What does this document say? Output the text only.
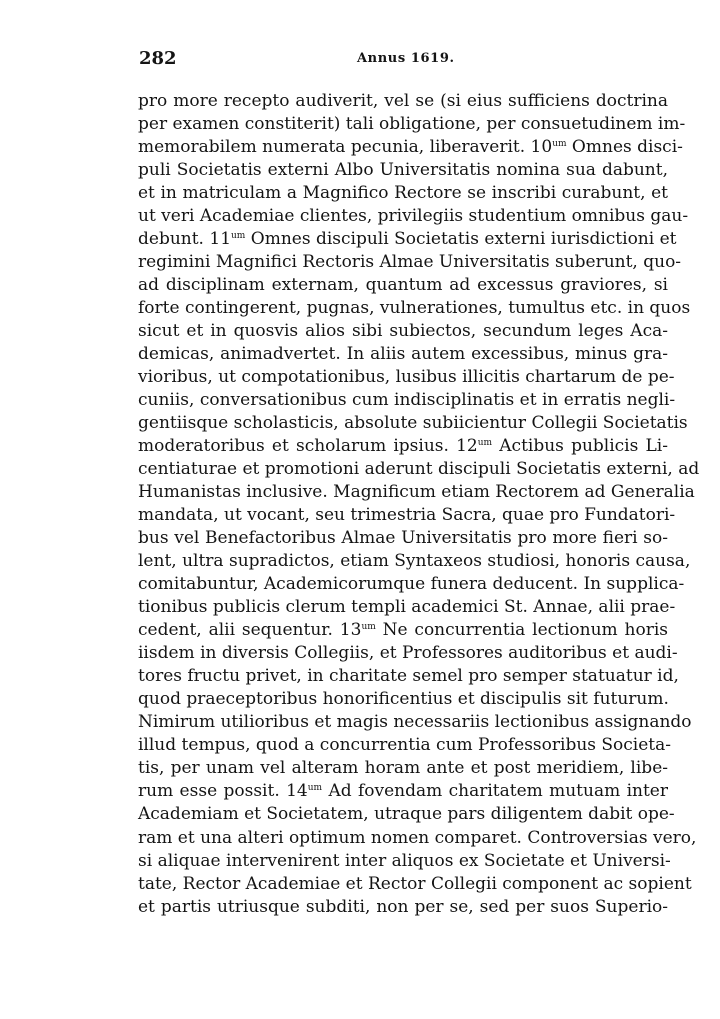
282	Annus 1619.
pro more recepto audiverit, vel se (si eius sufficiens doctrina
per examen constiterit) tali obligatione, per consuetudinem im-
memorabilem numerata pecunia, liberaverit. $10^{um}$ Omnes disci-
puli Societatis externi Albo Universitatis nomina sua dabunt,
et in matriculam a Magnifico Rectore se inscribi curabunt, et
ut veri Academiae clientes, privilegiis studentium omnibus gau-
debunt. $11^{um}$ Omnes discipuli Societatis externi iurisdictioni et
regimini Magnifici Rectoris Almae Universitatis suberunt, quo-
ad disciplinam externam, quantum ad excessus graviores, si
forte contingerent, pugnas, vulnerationes, tumultus etc. in quos
sicut et in quosvis alios sibi subiectos, secundum leges Aca-
demicas, animadvertet. In aliis autem excessibus, minus gra-
vioribus, ut compotationibus, lusibus illicitis chartarum de pe-
cuniis, conversationibus cum indisciplinatis et in erratis negli-
gentiisque scholasticis, absolute subiicientur Collegii Societatis
moderatoribus et scholarum ipsius. $12^{um}$ Actibus publicis Li-
centiaturae et promotioni aderunt discipuli Societatis externi, ad
Humanistas inclusive. Magnificum etiam Rectorem ad Generalia
mandata, ut vocant, seu trimestria Sacra, quae pro Fundatori-
bus vel Benefactoribus Almae Universitatis pro more fieri so-
lent, ultra supradictos, etiam Syntaxeos studiosi, honoris causa,
comitabuntur, Academicorumque funera deducent. In supplica-
tionibus publicis clerum templi academici St. Annae, alii prae-
cedent, alii sequentur. $13^{um}$ Ne concurrentia lectionum horis
iisdem in diversis Collegiis, et Professores auditoribus et audi-
tores fructu privet, in charitate semel pro semper statuatur id,
quod praeceptoribus honorificentius et discipulis sit futurum.
Nimirum utilioribus et magis necessariis lectionibus assignando
illud tempus, quod a concurrentia cum Professoribus Societa-
tis, per unam vel alteram horam ante et post meridiem, libe-
rum esse possit. $14^{um}$ Ad fovendam charitatem mutuam inter
Academiam et Societatem, utraque pars diligentem dabit ope-
ram et una alteri optimum nomen comparet. Controversias vero,
si aliquae intervenirent inter aliquos ex Societate et Universi-
tate, Rector Academiae et Rector Collegii component ac sopient
et partis utriusque subditi, non per se, sed per suos Superio-
